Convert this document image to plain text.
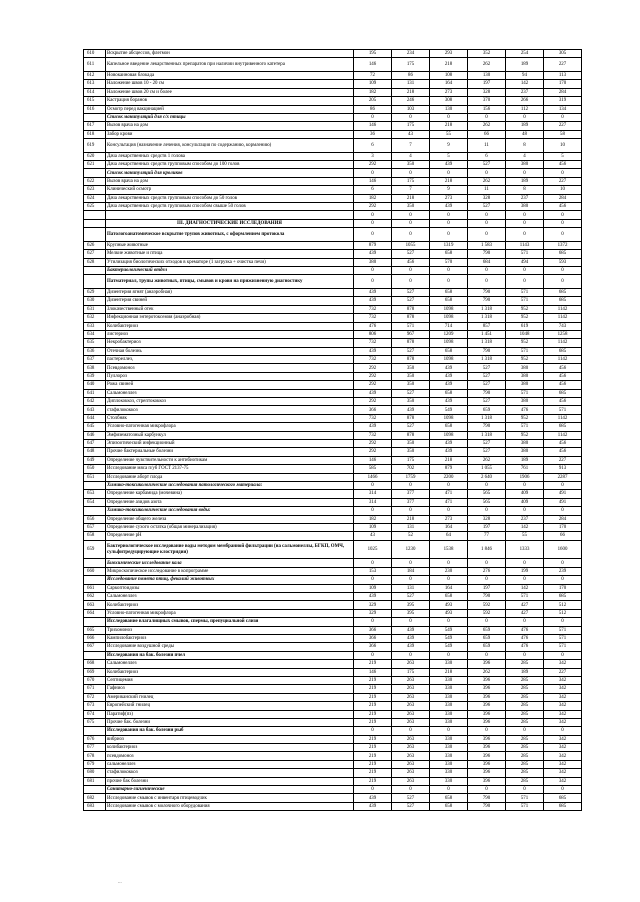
610	Вскрытие абсцессов, флегмон	195	234	293	352	254	305
611	Капельное введение лекарственных препаратов при наличии внутривенного катетера	146	175	218	262	189	227
612	Новокаиновая блокада	72	86	108	130	94	113
613	Наложение швов 10 - 20 см	109	131	164	197	142	170
614	Наложение швов 20 см и более	182	218	273	328	237	284
615	Кастрация боранов	205	246	308	370	266	319
616	Осмотр перед вакцинацией	86	103	130	156	112	134
	Список манипуляций для с/х птицы	0	0	0	0	0	0
617	Вызов врача на дом	146	175	218	262	189	227
618	Забор крови	36	43	55	66	48	58
619	Консультация (назначение лечения, консультация по содержанию, кормлению)	6	7	9	11	8	10
620	Дача лекарственных средств 1 голова	3	4	5	6	4	5
621	Дача лекарственных средств групповым способом до 100 голов	292	350	439	527	380	456
	Список манипуляций для кроликов	0	0	0	0	0	0
622	Вызов врача на дом	146	175	218	262	189	227
623	Клинический осмотр	6	7	9	11	8	10
624	Дача лекарственных средств групповым способом до 50 голов	182	218	273	328	237	284
625	Дача лекарственных средств групповым способом свыше 50 голов	292	350	439	527	380	456
		0	0	0	0	0	0
	III. ДИАГНОСТИЧЕСКИЕ ИССЛЕДОВАНИЯ	0	0	0	0	0	0
	Патологоанатомическое вскрытие трупов животных, с оформлением протокола	0	0	0	0	0	0
626	Крупные животные	879	1055	1319	1 583	1143	1372
627	Мелкие животные и птица	439	527	658	790	571	685
628	Утилизация биологических отходов в крематоре (1 загрузка + очистка печи)	380	456	570	684	494	593
	Бактериологический отдел	0	0	0	0	0	0
	Патматериал, трупы животных, птицы, смывов и крови на прижизненную диагностику	0	0	0	0	0	0
629	Дизентерия ягнят (анаэробная)	439	527	658	790	571	685
630	Дизентерия свиней	439	527	658	790	571	685
631	Злокачественный отек	732	878	1098	1 318	952	1142
632	Инфекционная энтеротоксемия (анаэробная)	732	878	1098	1 318	952	1142
633	Колибактериоз	476	571	714	857	619	743
634	листериоз	806	967	1209	1 451	1048	1258
635	Некробактериоз	732	878	1098	1 318	952	1142
636	Отечная болезнь	439	527	658	790	571	685
637	пастереллез,	732	878	1098	1 318	952	1142
638	Псевдомоноз	292	350	439	527	380	456
639	Пуллороз	292	350	439	527	380	456
640	Рожа свиней	292	350	439	527	380	456
641	Сальмонеллез	439	527	658	790	571	685
642	Диплококкоз, стрептококкоз	292	350	439	527	380	456
643	стафилококкоз	366	439	549	659	476	571
644	Столбняк	732	878	1098	1 318	952	1142
645	Условно-патогенная микрофлора	439	527	658	790	571	685
646	Эмфизематозный карбункул	732	878	1098	1 318	952	1142
647	Эпизоотический инфекционный	292	350	439	527	380	456
648	Прочие бактериальные болезни	292	350	439	527	380	456
649	Определение чувствительности к антибиотикам	146	175	218	262	189	227
650	Исследование мяса п/уб ГОСТ 2137-75	585	702	879	1 055	761	913
651	Исследование аборт плода	1466	1759	2200	2 640	1906	2287
	Химико-токсикологические исследования патологического материала:	0	0	0	0	0	0
653	Определение карбамида (мочевина)	314	377	471	565	409	491
654	Определение азидов азота	314	377	471	565	409	491
	Химико-токсикологические исследования воды:	0	0	0	0	0	0
656	Определение общего железа	182	218	273	328	237	284
657	Определение сухого остатка (общая минерализация)	109	131	164	197	142	170
658	Определение pH	43	52	64	77	55	66
659	Бактериологическое исследование воды методом мембранной фильтрации (на сальмонеллы, БГКП, ОМЧ, сульфитредуцирующие клостридии)	1025	1230	1538	1 846	1333	1600
	Биохимические исследование кала	0	0	0	0	0	0
660	Микроскопическое исследование в копрограмме	153	184	230	276	199	239
	Исследование помета птиц, фекалий животных	0	0	0	0	0	0
661	Саркоптоидозы	109	131	164	197	142	170
662	Сальмонеллез	439	527	658	790	571	685
663	Колибактериоз	329	395	493	592	427	512
664	Условно-патогенная микрофлора	329	395	493	592	427	512
	Исследование влагалищных смывов, спермы, препуциальной слизи	0	0	0	0	0	0
665	Трихомоноз	366	439	549	659	476	571
666	Кампилобактериоз	366	439	549	659	476	571
667	Исследование воздушной среды	366	439	549	659	476	571
	Исследования на бак. болезни пчел	0	0	0	0	0	0
668	Сальмонеллез	219	263	330	396	285	342
669	Колибактериоз	146	175	218	262	189	227
670	Септицемия	219	263	330	396	285	342
671	Гафниоз	219	263	330	396	285	342
672	Американский гнилец	219	263	330	396	285	342
673	Европейский гнилец	219	263	330	396	285	342
674	Паратиф(пз)	219	263	330	396	285	342
675	Прочие бак. болезни	219	263	330	396	285	342
	Исследования на бак. болезни рыб	0	0	0	0	0	0
676	вибриоз	219	263	330	396	285	342
677	колибактериоз	219	263	330	396	285	342
678	псевдомоноз	219	263	330	396	285	342
679	сальмонеллез	219	263	330	396	285	342
680	стафилококкоз	219	263	330	396	285	342
681	прочие бак болезни	219	263	330	396	285	342
	Санитарно-гигиенические	0	0	0	0	0	0
682	Исследование смывов с инвентаря птицеводчик	439	527	658	790	571	685
683	Исследование смывов с молочного оборудования	439	527	658	790	571	685
...
